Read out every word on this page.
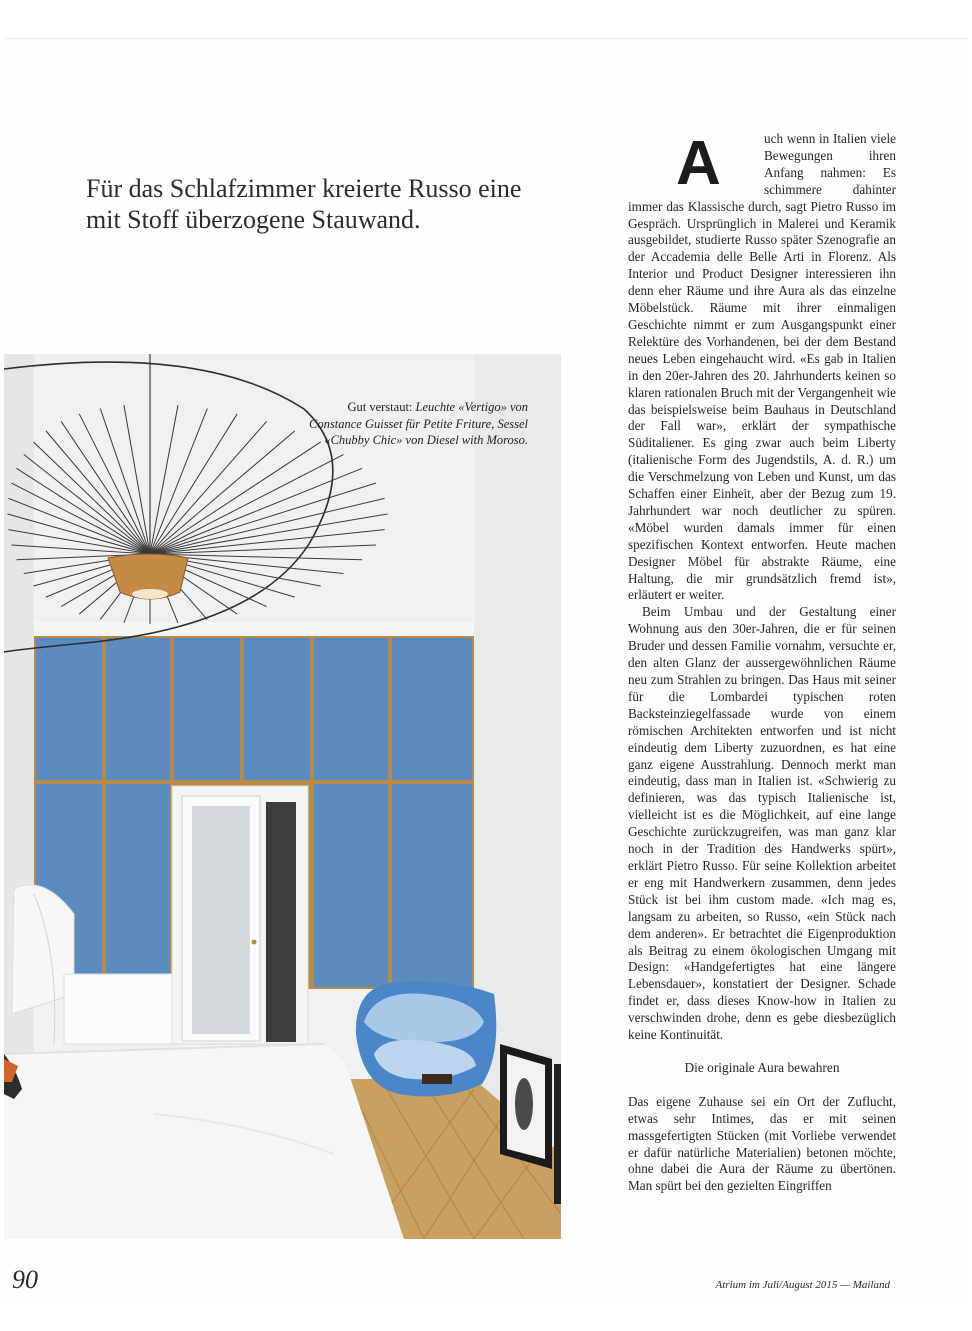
Für das Schlafzimmer kreierte Russo eine mit Stoff überzogene Stauwand.

Gut verstaut: Leuchte «Vertigo» von Constance Guisset für Petite Friture, Sessel «Chubby Chic» von Diesel with Moroso.

A	uch wenn in Italien viele Bewegungen ihren Anfang nahmen: Es schimmere dahinter immer das Klassische durch, sagt Pietro Russo im Gespräch. Ursprünglich in Malerei und Keramik ausgebildet, studierte Russo später Szenografie an der Accademia delle Belle Arti in Florenz. Als Interior und Product Designer interessieren ihn denn eher Räume und ihre Aura als das einzelne Möbelstück. Räume mit ihrer einmaligen Geschichte nimmt er zum Ausgangspunkt einer Relektüre des Vorhandenen, bei der dem Bestand neues Leben eingehaucht wird. «Es gab in Italien in den 20er-Jahren des 20. Jahrhunderts keinen so klaren rationalen Bruch mit der Vergangenheit wie das beispielsweise beim Bauhaus in Deutschland der Fall war», erklärt der sympathische Süditaliener. Es ging zwar auch beim Liberty (italienische Form des Jugendstils, A. d. R.) um die Verschmelzung von Leben und Kunst, um das Schaffen einer Einheit, aber der Bezug zum 19. Jahrhundert war noch deutlicher zu spüren. «Möbel wurden damals immer für einen spezifischen Kontext entworfen. Heute machen Designer Möbel für abstrakte Räume, eine Haltung, die mir grundsätzlich fremd ist», erläutert er weiter.

Beim Umbau und der Gestaltung einer Wohnung aus den 30er-Jahren, die er für seinen Bruder und dessen Familie vornahm, versuchte er, den alten Glanz der aussergewöhnlichen Räume neu zum Strahlen zu bringen. Das Haus mit seiner für die Lombardei typischen roten Backsteinziegelfassade wurde von einem römischen Architekten entworfen und ist nicht eindeutig dem Liberty zuzuordnen, es hat eine ganz eigene Ausstrahlung. Dennoch merkt man eindeutig, dass man in Italien ist. «Schwierig zu definieren, was das typisch Italienische ist, vielleicht ist es die Möglichkeit, auf eine lange Geschichte zurückzugreifen, was man ganz klar noch in der Tradition des Handwerks spürt», erklärt Pietro Russo. Für seine Kollektion arbeitet er eng mit Handwerkern zusammen, denn jedes Stück ist bei ihm custom made. «Ich mag es, langsam zu arbeiten, so Russo, «ein Stück nach dem anderen». Er betrachtet die Eigenproduktion als Beitrag zu einem ökologischen Umgang mit Design: «Handgefertigtes hat eine längere Lebensdauer», konstatiert der Designer. Schade findet er, dass dieses Know-how in Italien zu verschwinden drohe, denn es gebe diesbezüglich keine Kontinuität.

Die originale Aura bewahren

Das eigene Zuhause sei ein Ort der Zuflucht, etwas sehr Intimes, das er mit seinen massgefertigten Stücken (mit Vorliebe verwendet er dafür natürliche Materialien) betonen möchte, ohne dabei die Aura der Räume zu übertönen. Man spürt bei den gezielten Eingriffen

90	Atrium im Juli/August 2015 — Mailand
